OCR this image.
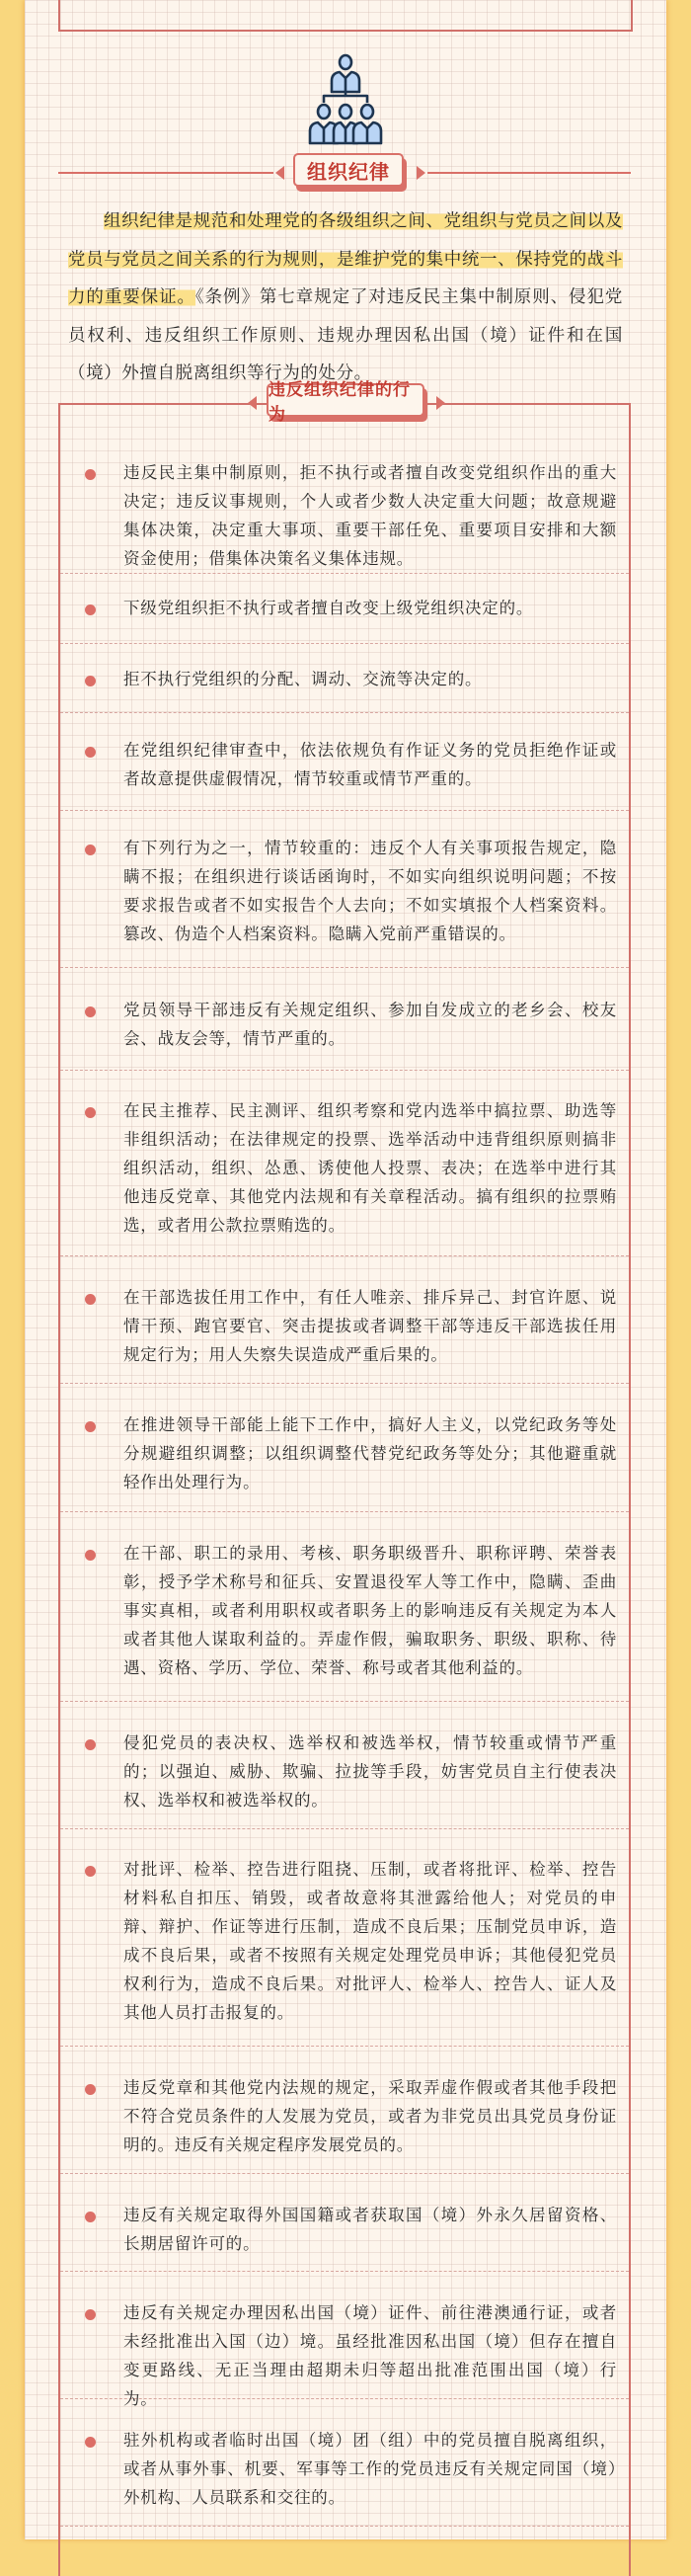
组织纪律
组织纪律是规范和处理党的各级组织之间、党组织与党员之间以及党员与党员之间关系的行为规则，是维护党的集中统一、保持党的战斗力的重要保证。《条例》第七章规定了对违反民主集中制原则、侵犯党员权利、违反组织工作原则、违规办理因私出国（境）证件和在国（境）外擅自脱离组织等行为的处分。
违反民主集中制原则，拒不执行或者擅自改变党组织作出的重大决定；违反议事规则，个人或者少数人决定重大问题；故意规避集体决策，决定重大事项、重要干部任免、重要项目安排和大额资金使用；借集体决策名义集体违规。
下级党组织拒不执行或者擅自改变上级党组织决定的。
拒不执行党组织的分配、调动、交流等决定的。
在党组织纪律审查中，依法依规负有作证义务的党员拒绝作证或者故意提供虚假情况，情节较重或情节严重的。
有下列行为之一，情节较重的：违反个人有关事项报告规定，隐瞒不报；在组织进行谈话函询时，不如实向组织说明问题；不按要求报告或者不如实报告个人去向；不如实填报个人档案资料。篡改、伪造个人档案资料。隐瞒入党前严重错误的。
党员领导干部违反有关规定组织、参加自发成立的老乡会、校友会、战友会等，情节严重的。
在民主推荐、民主测评、组织考察和党内选举中搞拉票、助选等非组织活动；在法律规定的投票、选举活动中违背组织原则搞非组织活动，组织、怂恿、诱使他人投票、表决；在选举中进行其他违反党章、其他党内法规和有关章程活动。搞有组织的拉票贿选，或者用公款拉票贿选的。
在干部选拔任用工作中，有任人唯亲、排斥异己、封官许愿、说情干预、跑官要官、突击提拔或者调整干部等违反干部选拔任用规定行为；用人失察失误造成严重后果的。
在推进领导干部能上能下工作中，搞好人主义，以党纪政务等处分规避组织调整；以组织调整代替党纪政务等处分；其他避重就轻作出处理行为。
在干部、职工的录用、考核、职务职级晋升、职称评聘、荣誉表彰，授予学术称号和征兵、安置退役军人等工作中，隐瞒、歪曲事实真相，或者利用职权或者职务上的影响违反有关规定为本人或者其他人谋取利益的。弄虚作假，骗取职务、职级、职称、待遇、资格、学历、学位、荣誉、称号或者其他利益的。
侵犯党员的表决权、选举权和被选举权，情节较重或情节严重的；以强迫、威胁、欺骗、拉拢等手段，妨害党员自主行使表决权、选举权和被选举权的。
对批评、检举、控告进行阻挠、压制，或者将批评、检举、控告材料私自扣压、销毁，或者故意将其泄露给他人；对党员的申辩、辩护、作证等进行压制，造成不良后果；压制党员申诉，造成不良后果，或者不按照有关规定处理党员申诉；其他侵犯党员权利行为，造成不良后果。对批评人、检举人、控告人、证人及其他人员打击报复的。
违反党章和其他党内法规的规定，采取弄虚作假或者其他手段把不符合党员条件的人发展为党员，或者为非党员出具党员身份证明的。违反有关规定程序发展党员的。
违反有关规定取得外国国籍或者获取国（境）外永久居留资格、长期居留许可的。
违反有关规定办理因私出国（境）证件、前往港澳通行证，或者未经批准出入国（边）境。虽经批准因私出国（境）但存在擅自变更路线、无正当理由超期未归等超出批准范围出国（境）行为。
驻外机构或者临时出国（境）团（组）中的党员擅自脱离组织，或者从事外事、机要、军事等工作的党员违反有关规定同国（境）外机构、人员联系和交往的。
违反组织纪律的行为
